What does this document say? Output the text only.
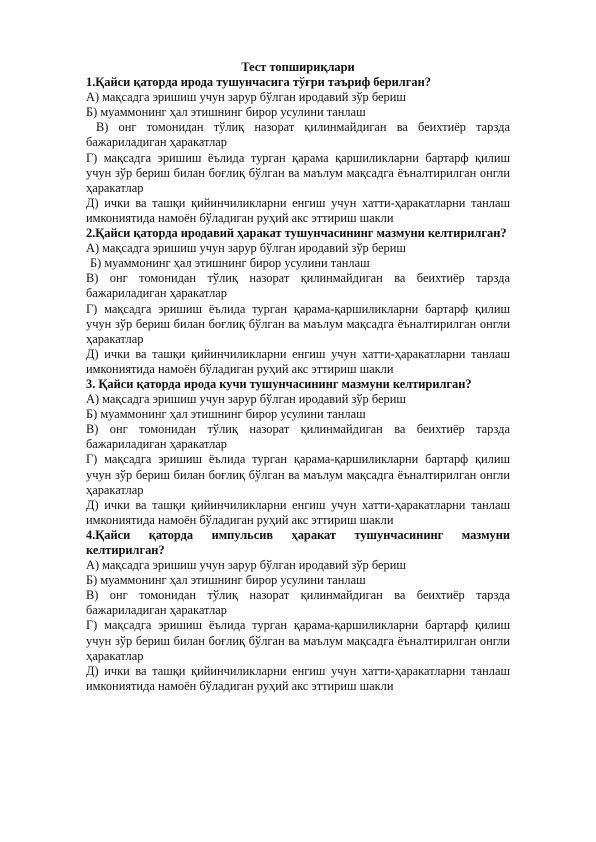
Тест топшириқлари

1.Қайси қаторда ирода тушунчасига тўғри таъриф берилган?

А) мақсадга эришиш учун зарур бўлган иродавий зўр бериш

Б) муаммонинг ҳал этишнинг бирор усулини танлаш

В) онг томонидан тўлиқ назорат қилинмайдиган ва беихтиёр тарзда бажариладиган ҳаракатлар

Г) мақсадга эришиш ёълида турган қарама қаршиликларни бартарф қилиш учун зўр бериш билан боғлиқ бўлган ва маълум мақсадга ёъналтирилган онгли ҳаракатлар

Д) ички ва ташқи қийинчиликларни енгиш учун хатти-ҳаракатларни танлаш имкониятида намоён бўладиган руҳий акс эттириш шакли

2.Қайси қаторда иродавий ҳаракат тушунчасининг мазмуни келтирилган?

А) мақсадга эришиш учун зарур бўлган иродавий зўр бериш

Б) муаммонинг ҳал этишнинг бирор усулини танлаш

В) онг томонидан тўлиқ назорат қилинмайдиган ва беихтиёр тарзда бажариладиган ҳаракатлар

Г) мақсадга эришиш ёълида турган қарама-қаршиликларни бартарф қилиш учун зўр бериш билан боғлиқ бўлган ва маълум мақсадга ёъналтирилган онгли ҳаракатлар

Д) ички ва ташқи қийинчиликларни енгиш учун хатти-ҳаракатларни танлаш имкониятида намоён бўладиган руҳий акс эттириш шакли

3. Қайси қаторда ирода кучи тушунчасининг мазмуни келтирилган?

А) мақсадга эришиш учун зарур бўлган иродавий зўр бериш

Б) муаммонинг ҳал этишнинг бирор усулини танлаш

В) онг томонидан тўлиқ назорат қилинмайдиган ва беихтиёр тарзда бажариладиган ҳаракатлар

Г) мақсадга эришиш ёълида турган қарама-қаршиликларни бартарф қилиш учун зўр бериш билан боғлиқ бўлган ва маълум мақсадга ёъналтирилган онгли ҳаракатлар

Д) ички ва ташқи қийинчиликларни енгиш учун хатти-ҳаракатларни танлаш имкониятида намоён бўладиган руҳий акс эттириш шакли

4.Қайси қаторда импульсив ҳаракат тушунчасининг мазмуни келтирилган?

А) мақсадга эришиш учун зарур бўлган иродавий зўр бериш

Б) муаммонинг ҳал этишнинг бирор усулини танлаш

В) онг томонидан тўлиқ назорат қилинмайдиган ва беихтиёр тарзда бажариладиган ҳаракатлар

Г) мақсадга эришиш ёълида турган қарама-қаршиликларни бартарф қилиш учун зўр бериш билан боғлиқ бўлган ва маълум мақсадга ёъналтирилган онгли ҳаракатлар

Д) ички ва ташқи қийинчиликларни енгиш учун хатти-ҳаракатларни танлаш имкониятида намоён бўладиган руҳий акс эттириш шакли
